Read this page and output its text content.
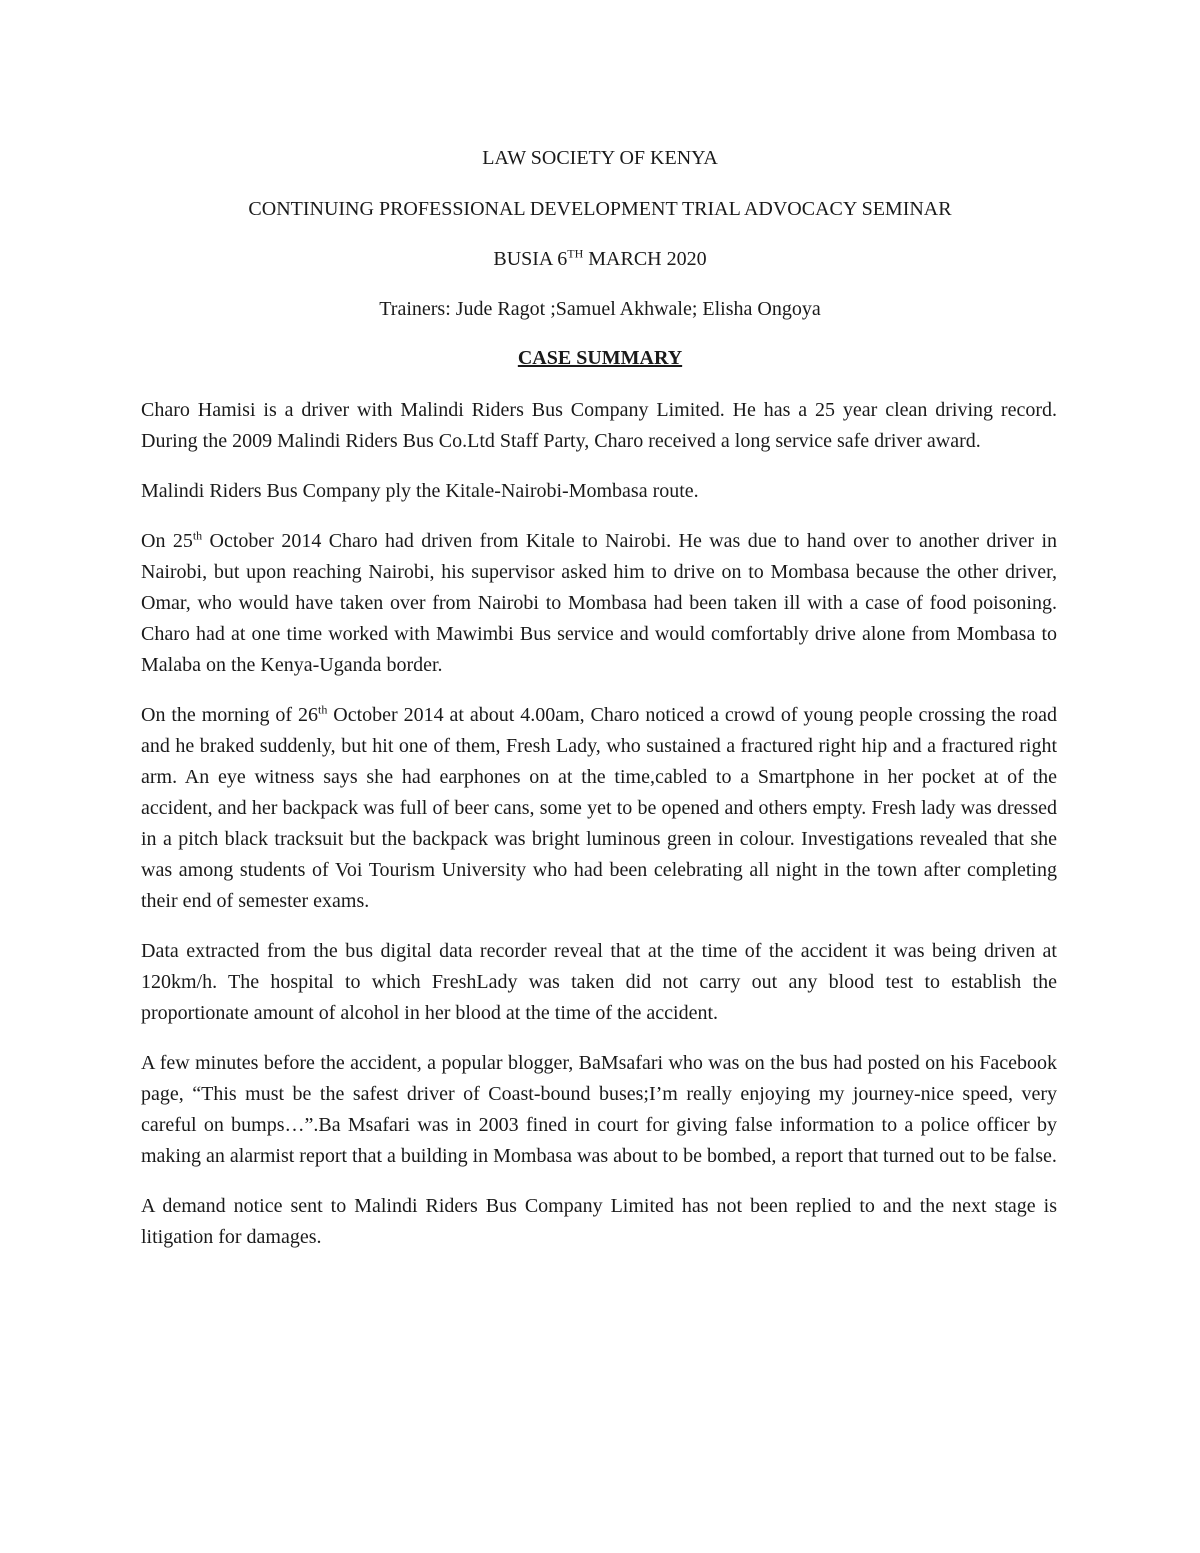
LAW SOCIETY OF KENYA
CONTINUING PROFESSIONAL DEVELOPMENT TRIAL ADVOCACY SEMINAR
BUSIA 6TH MARCH 2020
Trainers: Jude Ragot ;Samuel Akhwale; Elisha Ongoya
CASE SUMMARY

Charo Hamisi is a driver with Malindi Riders Bus Company Limited. He has a 25 year clean driving record. During the 2009 Malindi Riders Bus Co.Ltd Staff Party, Charo received a long service safe driver award.

Malindi Riders Bus Company ply the Kitale-Nairobi-Mombasa route.

On 25th October 2014 Charo had driven from Kitale to Nairobi. He was due to hand over to another driver in Nairobi, but upon reaching Nairobi, his supervisor asked him to drive on to Mombasa because the other driver, Omar, who would have taken over from Nairobi to Mombasa had been taken ill with a case of food poisoning. Charo had at one time worked with Mawimbi Bus service and would comfortably drive alone from Mombasa to Malaba on the Kenya-Uganda border.

On the morning of 26th October 2014 at about 4.00am, Charo noticed a crowd of young people crossing the road and he braked suddenly, but hit one of them, Fresh Lady, who sustained a fractured right hip and a fractured right arm. An eye witness says she had earphones on at the time,cabled to a Smartphone in her pocket at of the accident, and her backpack was full of beer cans, some yet to be opened and others empty. Fresh lady was dressed in a pitch black tracksuit but the backpack was bright luminous green in colour. Investigations revealed that she was among students of Voi Tourism University who had been celebrating all night in the town after completing their end of semester exams.

Data extracted from the bus digital data recorder reveal that at the time of the accident it was being driven at 120km/h. The hospital to which FreshLady was taken did not carry out any blood test to establish the proportionate amount of alcohol in her blood at the time of the accident.

A few minutes before the accident, a popular blogger, BaMsafari who was on the bus had posted on his Facebook page, “This must be the safest driver of Coast-bound buses;I’m really enjoying my journey-nice speed, very careful on bumps…”.Ba Msafari was in 2003 fined in court for giving false information to a police officer by making an alarmist report that a building in Mombasa was about to be bombed, a report that turned out to be false.

A demand notice sent to Malindi Riders Bus Company Limited has not been replied to and the next stage is litigation for damages.
